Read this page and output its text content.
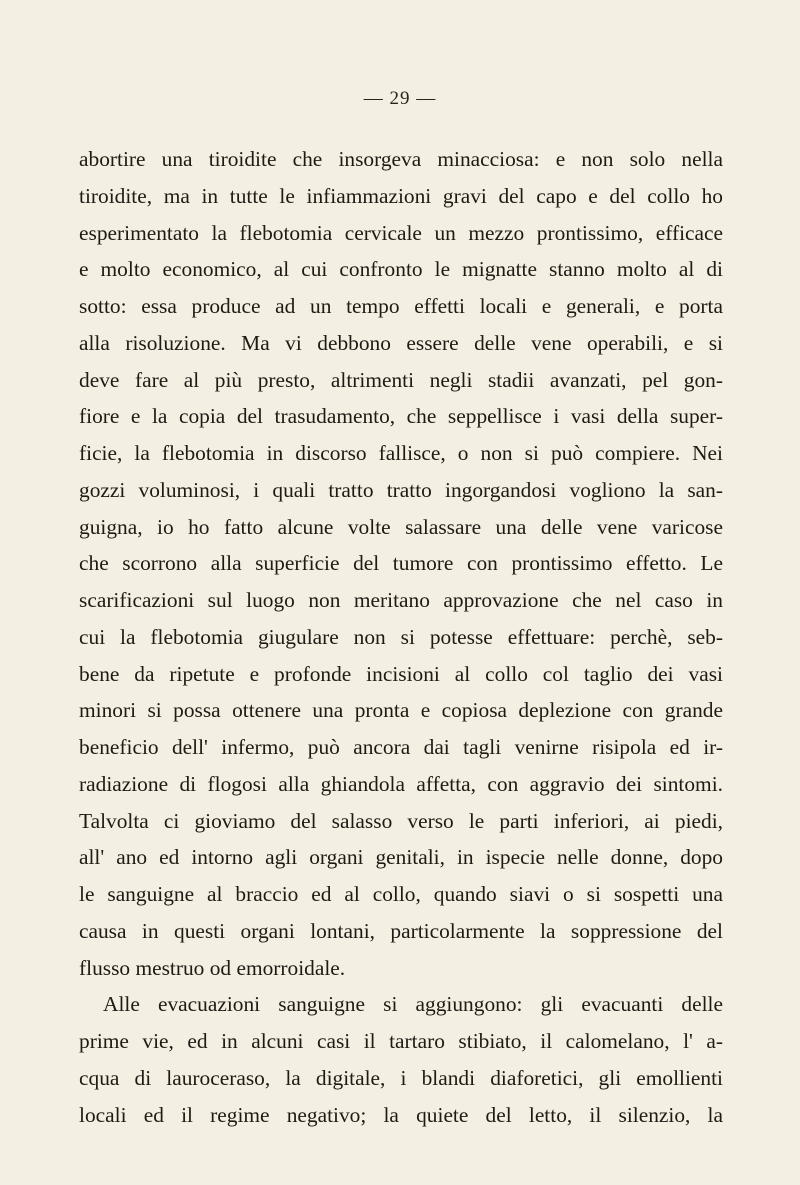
— 29 —
abortire una tiroidite che insorgeva minacciosa: e non solo nella
tiroidite, ma in tutte le infiammazioni gravi del capo e del collo ho
esperimentato la flebotomia cervicale un mezzo prontissimo, efficace
e molto economico, al cui confronto le mignatte stanno molto al di
sotto: essa produce ad un tempo effetti locali e generali, e porta
alla risoluzione. Ma vi debbono essere delle vene operabili, e si
deve fare al più presto, altrimenti negli stadii avanzati, pel gon-
fiore e la copia del trasudamento, che seppellisce i vasi della super-
ficie, la flebotomia in discorso fallisce, o non si può compiere. Nei
gozzi voluminosi, i quali tratto tratto ingorgandosi vogliono la san-
guigna, io ho fatto alcune volte salassare una delle vene varicose
che scorrono alla superficie del tumore con prontissimo effetto. Le
scarificazioni sul luogo non meritano approvazione che nel caso in
cui la flebotomia giugulare non si potesse effettuare: perchè, seb-
bene da ripetute e profonde incisioni al collo col taglio dei vasi
minori si possa ottenere una pronta e copiosa deplezione con grande
beneficio dell' infermo, può ancora dai tagli venirne risipola ed ir-
radiazione di flogosi alla ghiandola affetta, con aggravio dei sintomi.
Talvolta ci gioviamo del salasso verso le parti inferiori, ai piedi,
all' ano ed intorno agli organi genitali, in ispecie nelle donne, dopo
le sanguigne al braccio ed al collo, quando siavi o si sospetti una
causa in questi organi lontani, particolarmente la soppressione del
flusso mestruo od emorroidale.
Alle evacuazioni sanguigne si aggiungono: gli evacuanti delle
prime vie, ed in alcuni casi il tartaro stibiato, il calomelano, l' a-
cqua di lauroceraso, la digitale, i blandi diaforetici, gli emollienti
locali ed il regime negativo; la quiete del letto, il silenzio, la
